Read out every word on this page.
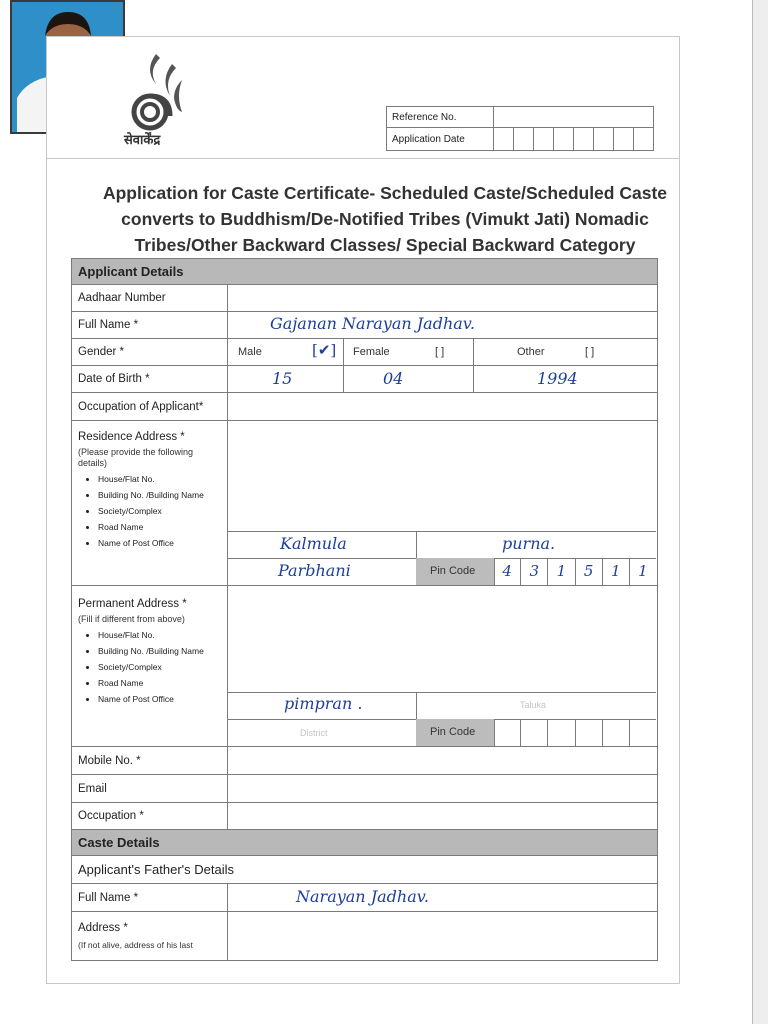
सेवार्केंद्र
Reference No.	
Application Date	
Application for Caste Certificate- Scheduled Caste/Scheduled Caste
converts to Buddhism/De-Notified Tribes (Vimukt Jati) Nomadic
Tribes/Other Backward Classes/ Special Backward Category
Applicant Details
Aadhaar Number
Full Name *	Gajanan Narayan Jadhav.
Gender *	Male	[✔] Female	[ ]	Other	[ ]
Date of Birth *	15	04	1994
Occupation of Applicant*
Residence Address *
(Please provide the following details)
• House/Flat No.
• Building No. /Building Name
• Society/Complex
• Road Name
• Name of Post Office	Kalmula	purna.
Parbhani	Pin Code	4	3	1	5	1	1
Permanent Address *
(Fill if different from above)
• House/Flat No.
• Building No. /Building Name
• Society/Complex
• Road Name
• Name of Post Office	pimpran .	Taluka
District	Pin Code
Mobile No. *
Email
Occupation *
Caste Details
Applicant's Father's Details
Full Name *	Narayan Jadhav.
Address *
(If not alive, address of his last
